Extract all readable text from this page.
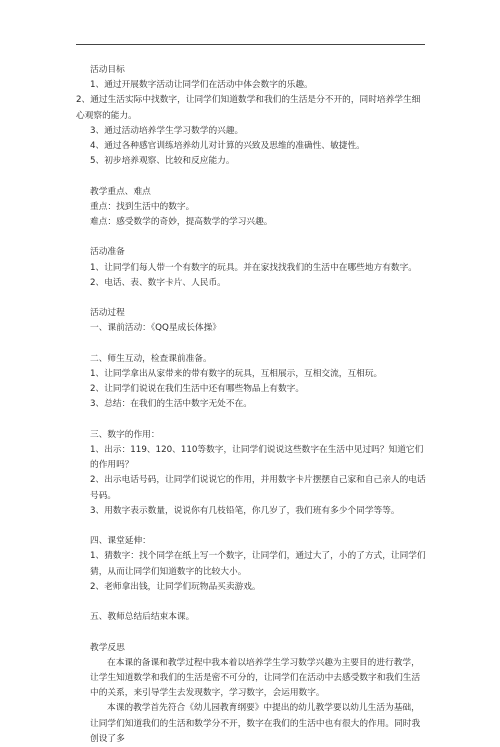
活动目标

1、通过开展数字活动让同学们在活动中体会数字的乐趣。

2、通过生活实际中找数字，让同学们知道数学和我们的生活是分不开的，同时培养学生细心观察的能力。

3、通过活动培养学生学习数学的兴趣。

4、通过各种感官训练培养幼儿对计算的兴致及思维的准确性、敏捷性。

5、初步培养观察、比较和反应能力。

教学重点、难点

重点：找到生活中的数字。

难点：感受数学的奇妙，提高数学的学习兴趣。

活动准备

1、让同学们每人带一个有数字的玩具。并在家找找我们的生活中在哪些地方有数字。

2、电话、表、数字卡片、人民币。

活动过程

一、课前活动：《QQ星成长体操》

二、师生互动，检查课前准备。

1、让同学拿出从家带来的带有数字的玩具，互相展示，互相交流，互相玩。

2、让同学们说说在我们生活中还有哪些物品上有数字。

3、总结：在我们的生活中数字无处不在。

三、数字的作用：

1、出示：119、120、110等数字，让同学们说说这些数字在生活中见过吗？知道它们的作用吗？

2、出示电话号码，让同学们说说它的作用，并用数字卡片摆摆自己家和自己亲人的电话号码。

3、用数字表示数量，说说你有几枝铅笔，你几岁了，我们班有多少个同学等等。

四、课堂延伸：

1、猜数字：找个同学在纸上写一个数字，让同学们，通过大了，小的了方式，让同学们猜，从而让同学们知道数字的比较大小。

2、老师拿出钱，让同学们玩物品买卖游戏。

五、教师总结后结束本课。

教学反思

在本课的备课和教学过程中我本着以培养学生学习数学兴趣为主要目的进行教学，让学生知道数学和我们的生活是密不可分的，让同学们在活动中去感受数字和我们生活中的关系，来引导学生去发现数字，学习数字，会运用数字。

本课的教学首先符合《幼儿园教育纲要》中提出的幼儿教学要以幼儿生活为基础，让同学们知道我们的生活和数学分不开，数字在我们的生活中也有很大的作用。同时我创设了多
